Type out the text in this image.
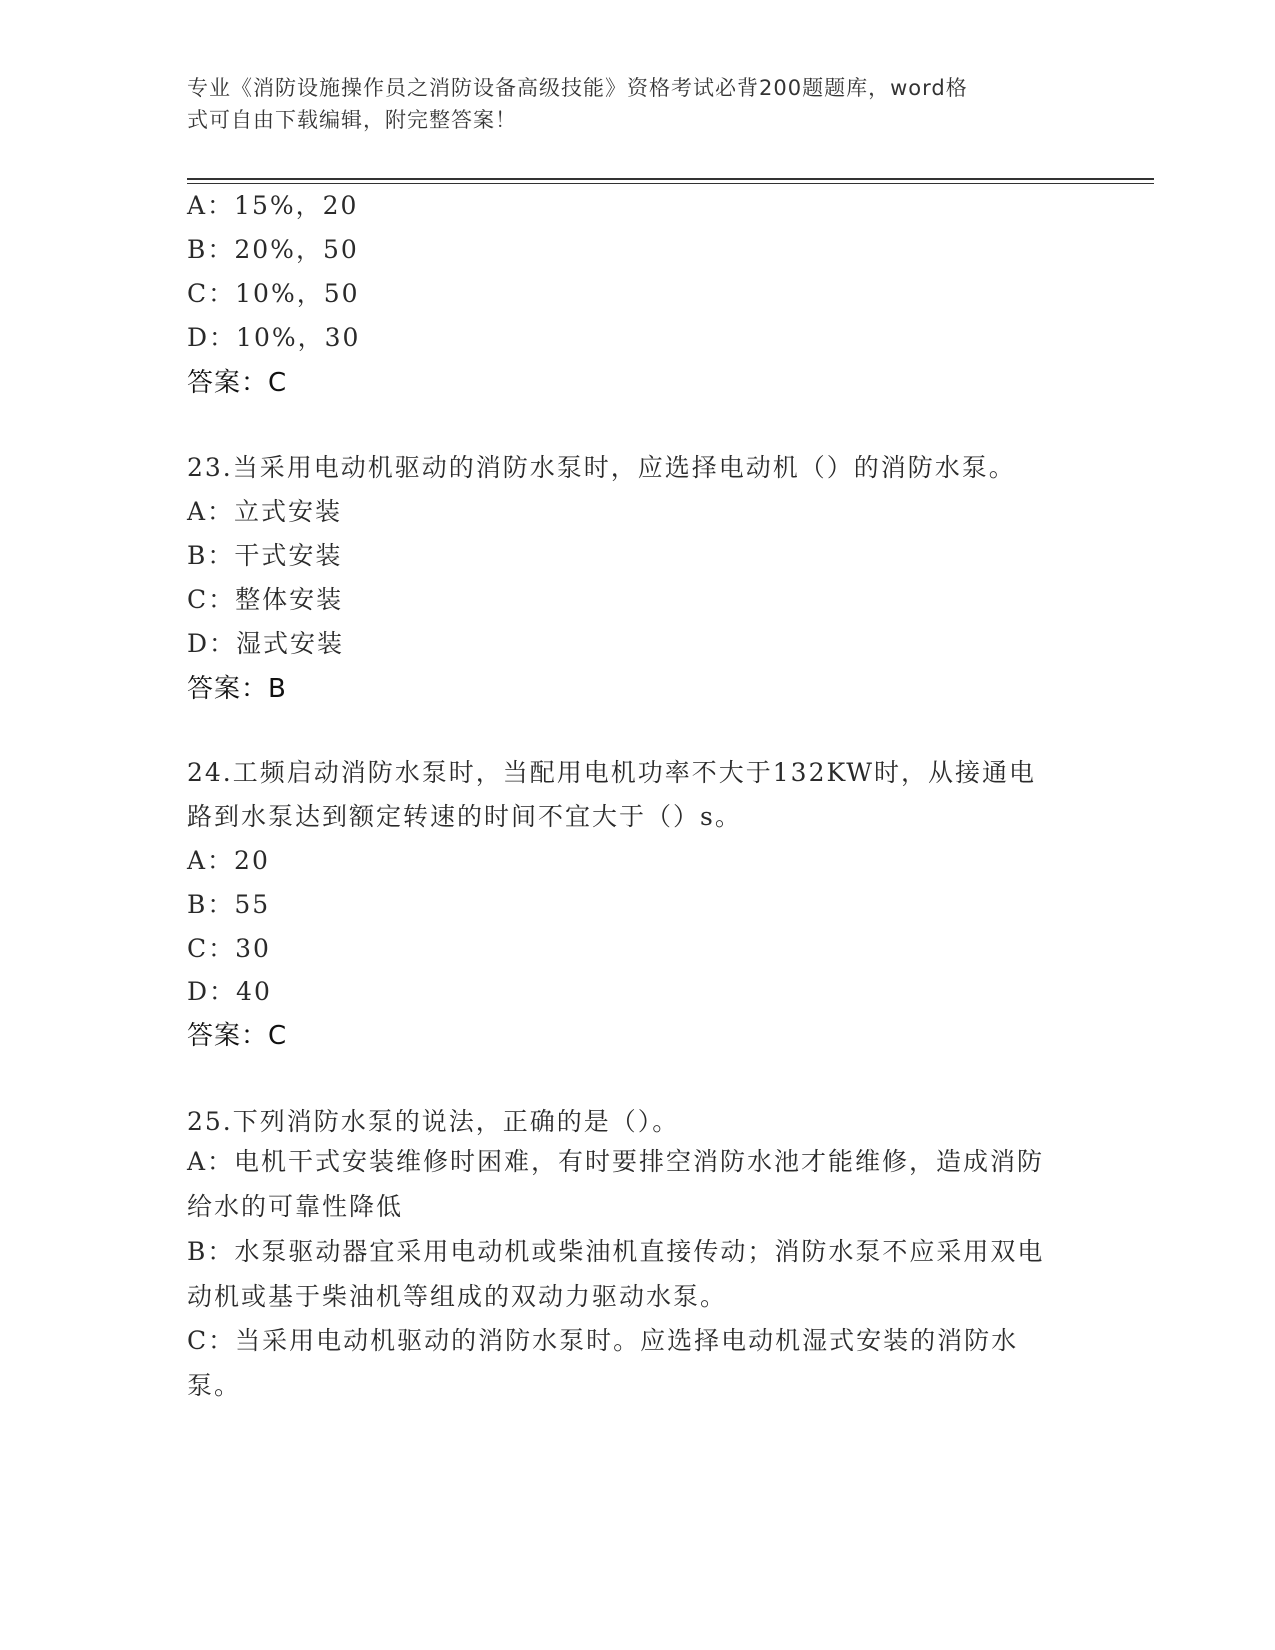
专业《消防设施操作员之消防设备高级技能》资格考试必背200题题库，word格
式可自由下载编辑，附完整答案！
A：15%，20
B：20%，50
C：10%，50
D：10%，30
答案：C
23.当采用电动机驱动的消防水泵时，应选择电动机（）的消防水泵。
A：立式安装
B：干式安装
C：整体安装
D：湿式安装
答案：B
24.工频启动消防水泵时，当配用电机功率不大于132KW时，从接通电
路到水泵达到额定转速的时间不宜大于（）s。
A：20
B：55
C：30
D：40
答案：C
25.下列消防水泵的说法，正确的是（）。
A：电机干式安装维修时困难，有时要排空消防水池才能维修，造成消防给水的可靠性降低
B：水泵驱动器宜采用电动机或柴油机直接传动；消防水泵不应采用双电动机或基于柴油机等组成的双动力驱动水泵。
C：当采用电动机驱动的消防水泵时。应选择电动机湿式安装的消防水泵。
